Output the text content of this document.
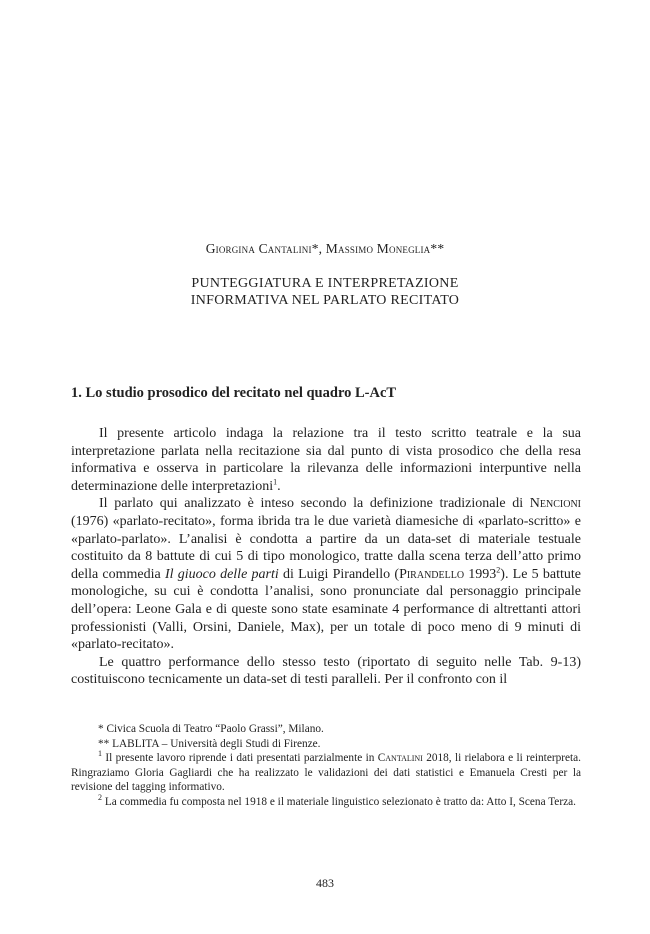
Giorgina Cantalini*, Massimo Moneglia**
PUNTEGGIATURA E INTERPRETAZIONE
INFORMATIVA NEL PARLATO RECITATO
1. Lo studio prosodico del recitato nel quadro L-AcT

Il presente articolo indaga la relazione tra il testo scritto teatrale e la sua interpretazione parlata nella recitazione sia dal punto di vista prosodico che della resa informativa e osserva in particolare la rilevanza delle informazioni interpuntive nella determinazione delle interpretazioni$^1$.

Il parlato qui analizzato è inteso secondo la definizione tradizionale di Nencioni (1976) «parlato-recitato», forma ibrida tra le due varietà diamesiche di «parlato-scritto» e «parlato-parlato». L’analisi è condotta a partire da un data-set di materiale testuale costituito da 8 battute di cui 5 di tipo monologico, tratte dalla scena terza dell’atto primo della commedia Il giuoco delle parti di Luigi Pirandello (Pirandello 1993$^2$). Le 5 battute monologiche, su cui è condotta l’analisi, sono pronunciate dal personaggio principale dell’opera: Leone Gala e di queste sono state esaminate 4 performance di altrettanti attori professionisti (Valli, Orsini, Daniele, Max), per un totale di poco meno di 9 minuti di «parlato-recitato».

Le quattro performance dello stesso testo (riportato di seguito nelle Tab. 9-13) costituiscono tecnicamente un data-set di testi paralleli. Per il confronto con il

* Civica Scuola di Teatro “Paolo Grassi”, Milano.

** LABLITA – Università degli Studi di Firenze.

$^1$ Il presente lavoro riprende i dati presentati parzialmente in Cantalini 2018, li rielabora e li reinterpreta. Ringraziamo Gloria Gagliardi che ha realizzato le validazioni dei dati statistici e Emanuela Cresti per la revisione del tagging informativo.

$^2$ La commedia fu composta nel 1918 e il materiale linguistico selezionato è tratto da: Atto I, Scena Terza.

483
